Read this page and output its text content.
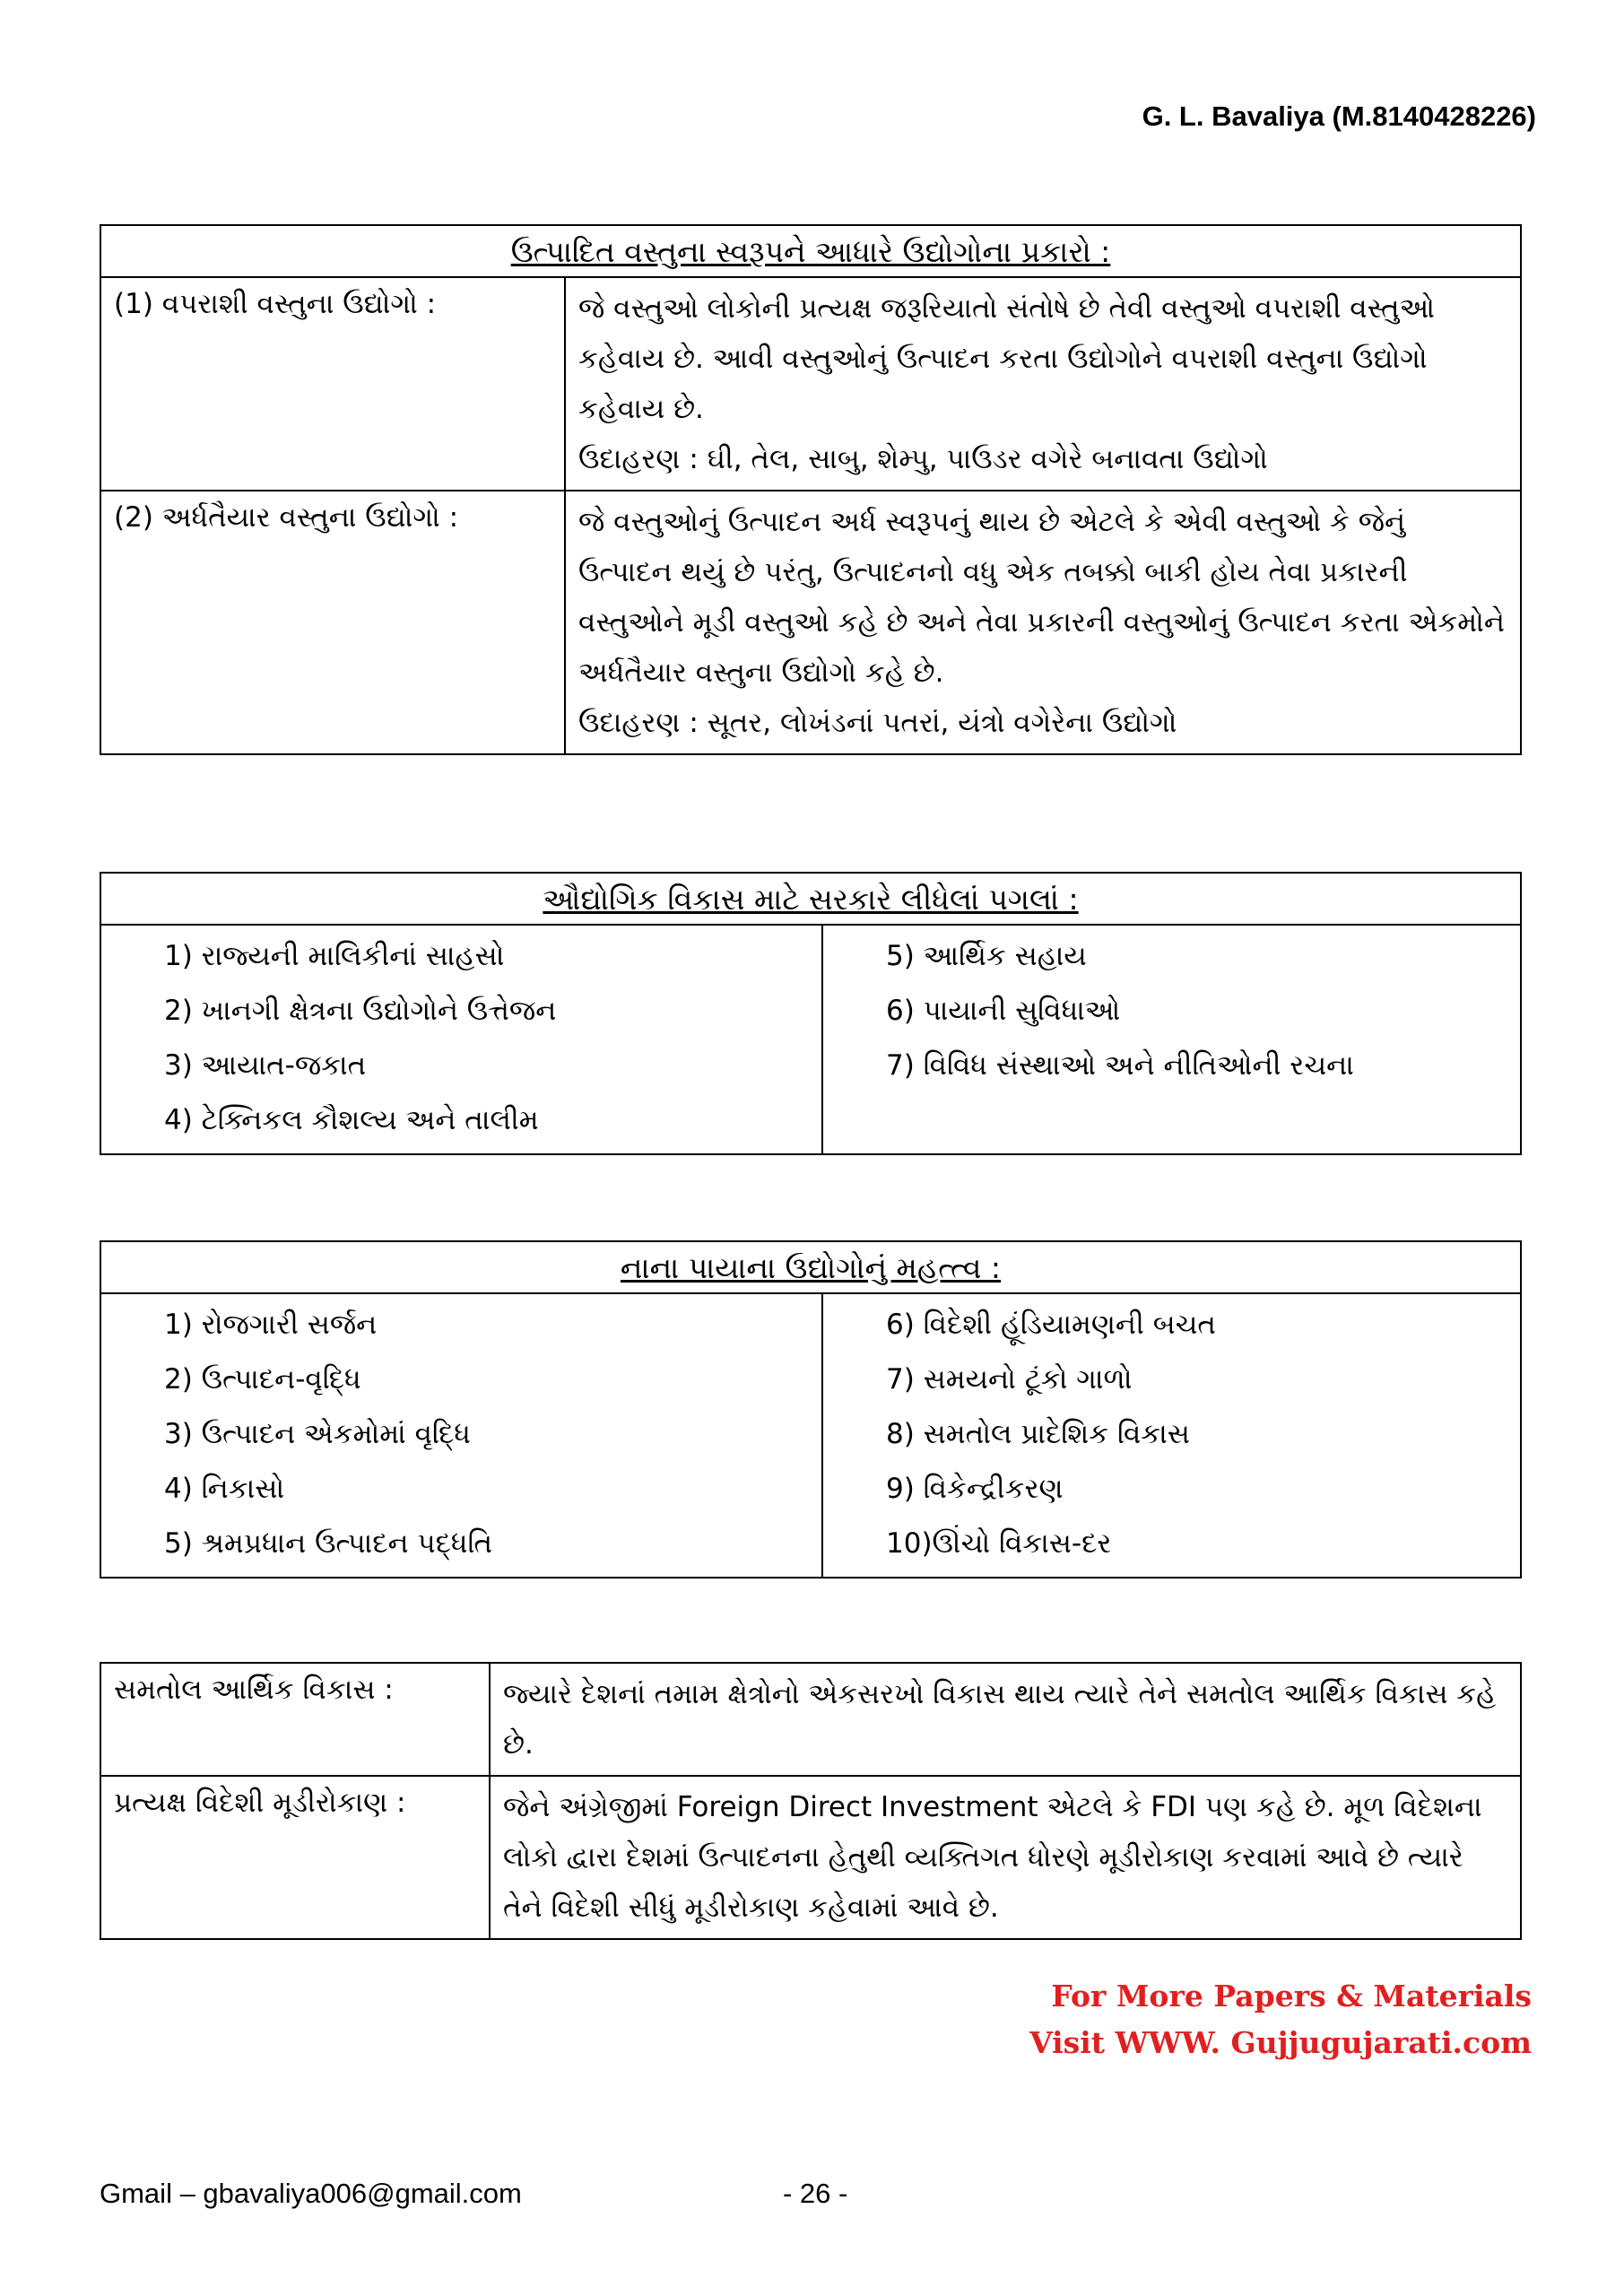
G. L. Bavaliya (M.8140428226)
ઉત્પાદિત વસ્તુના સ્વરૂપને આધારે ઉદ્યોગોના પ્રકારો :	
(1) વપરાશી વસ્તુના ઉદ્યોગો :	જે વસ્તુઓ લોકોની પ્રત્યક્ષ જરૂરિયાતો સંતોષે છે તેવી વસ્તુઓ વપરાશી વસ્તુઓ કહેવાય છે. આવી વસ્તુઓનું ઉત્પાદન કરતા ઉદ્યોગોને વપરાશી વસ્તુના ઉદ્યોગો કહેવાય છે.

ઉદાહરણ : ઘી, તેલ, સાબુ, શેમ્પુ, પાઉડર વગેરે બનાવતા ઉદ્યોગો

(2) અર્ધતૈયાર વસ્તુના ઉદ્યોગો :	જે વસ્તુઓનું ઉત્પાદન અર્ધ સ્વરૂપનું થાય છે એટલે કે એવી વસ્તુઓ કે જેનું ઉત્પાદન થયું છે પરંતુ, ઉત્પાદનનો વધુ એક તબક્કો બાકી હોય તેવા પ્રકારની વસ્તુઓને મૂડી વસ્તુઓ કહે છે અને તેવા પ્રકારની વસ્તુઓનું ઉત્પાદન કરતા એકમોને અર્ધતૈયાર વસ્તુના ઉદ્યોગો કહે છે.

ઉદાહરણ : સૂતર, લોખંડનાં પતરાં, યંત્રો વગેરેના ઉદ્યોગો

ઔદ્યોગિક વિકાસ માટે સરકારે લીધેલાં પગલાં :

1) રાજ્યની માલિકીનાં સાહસો
2) ખાનગી ક્ષેત્રના ઉદ્યોગોને ઉત્તેજન
3) આયાત-જકાત
4) ટેક્નિકલ કૌશલ્ય અને તાલીમ

5) આર્થિક સહાય
6) પાયાની સુવિધાઓ
7) વિવિધ સંસ્થાઓ અને નીતિઓની રચના
નાના પાયાના ઉદ્યોગોનું મહત્ત્વ :

1) રોજગારી સર્જન
2) ઉત્પાદન-વૃદ્ધિ
3) ઉત્પાદન એકમોમાં વૃદ્ધિ
4) નિકાસો
5) શ્રમપ્રધાન ઉત્પાદન પદ્ધતિ

6) વિદેશી હૂંડિયામણની બચત
7) સમયનો ટૂંકો ગાળો
8) સમતોલ પ્રાદેશિક વિકાસ
9) વિકેન્દ્રીકરણ
10)ઊંચો વિકાસ-દર
સમતોલ આર્થિક વિકાસ :	જ્યારે દેશનાં તમામ ક્ષેત્રોનો એકસરખો વિકાસ થાય ત્યારે તેને સમતોલ આર્થિક વિકાસ કહે છે.
પ્રત્યક્ષ વિદેશી મૂડીરોકાણ :	જેને અંગ્રેજીમાં Foreign Direct Investment એટલે કે FDI પણ કહે છે. મૂળ વિદેશના લોકો દ્વારા દેશમાં ઉત્પાદનના હેતુથી વ્યક્તિગત ધોરણે મૂડીરોકાણ કરવામાં આવે છે ત્યારે તેને વિદેશી સીધું મૂડીરોકાણ કહેવામાં આવે છે.
For More Papers & Materials
Visit WWW. Gujjugujarati.com
Gmail – gbavaliya006@gmail.com	- 26 -
